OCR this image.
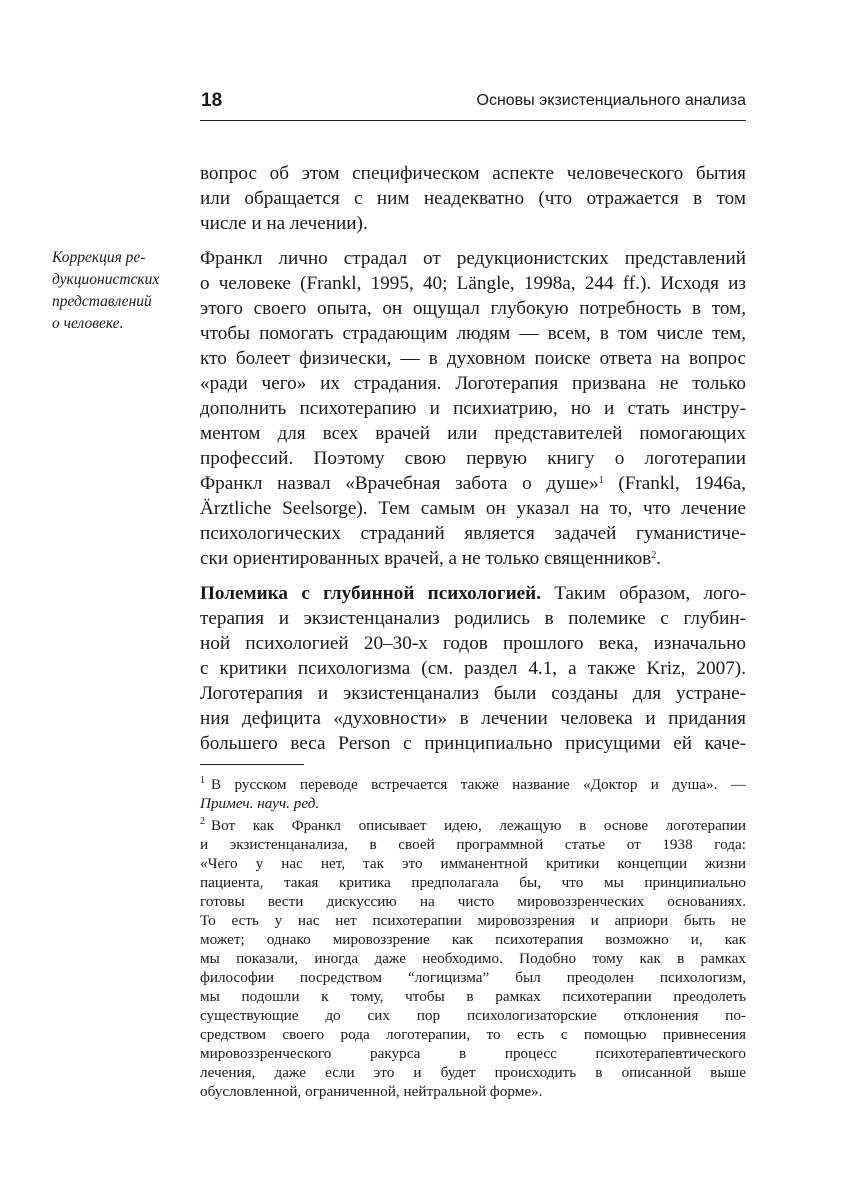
18	Основы экзистенциального анализа
вопрос об этом специфическом аспекте человеческого бытия
или обращается с ним неадекватно (что отражается в том
числе и на лечении).
Коррекция ре-
дукционистских
представлений
о человеке.
Франкл лично страдал от редукционистских представлений
о человеке (Frankl, 1995, 40; Längle, 1998a, 244 ff.). Исходя из
этого своего опыта, он ощущал глубокую потребность в том,
чтобы помогать страдающим людям — всем, в том числе тем,
кто болеет физически, — в духовном поиске ответа на вопрос
«ради чего» их страдания. Логотерапия призвана не только
дополнить психотерапию и психиатрию, но и стать инстру-
ментом для всех врачей или представителей помогающих
профессий. Поэтому свою первую книгу о логотерапии
Франкл назвал «Врачебная забота о душе»$^1$ (Frankl, 1946a,
Ärztliche Seelsorge). Тем самым он указал на то, что лечение
психологических страданий является задачей гуманистиче-
ски ориентированных врачей, а не только священников$^2$.
Полемика с глубинной психологией. Таким образом, лого-
терапия и экзистенцанализ родились в полемике с глубин-
ной психологией 20–30-х годов прошлого века, изначально
с критики психологизма (см. раздел 4.1, а также Kriz, 2007).
Логотерапия и экзистенцанализ были созданы для устране-
ния дефицита «духовности» в лечении человека и придания
большего веса Person с принципиально присущими ей каче-
1 В русском переводе встречается также название «Доктор и душа». —
Примеч. науч. ред.
2 Вот как Франкл описывает идею, лежащую в основе логотерапии
и экзистенцанализа, в своей программной статье от 1938 года:
«Чего у нас нет, так это имманентной критики концепции жизни
пациента, такая критика предполагала бы, что мы принципиально
готовы вести дискуссию на чисто мировоззренческих основаниях.
То есть у нас нет психотерапии мировоззрения и априори быть не
может; однако мировоззрение как психотерапия возможно и, как
мы показали, иногда даже необходимо. Подобно тому как в рамках
философии посредством “логицизма” был преодолен психологизм,
мы подошли к тому, чтобы в рамках психотерапии преодолеть
существующие до сих пор психологизаторские отклонения по-
средством своего рода логотерапии, то есть с помощью привнесения
мировоззренческого ракурса в процесс психотерапевтического
лечения, даже если это и будет происходить в описанной выше
обусловленной, ограниченной, нейтральной форме».
